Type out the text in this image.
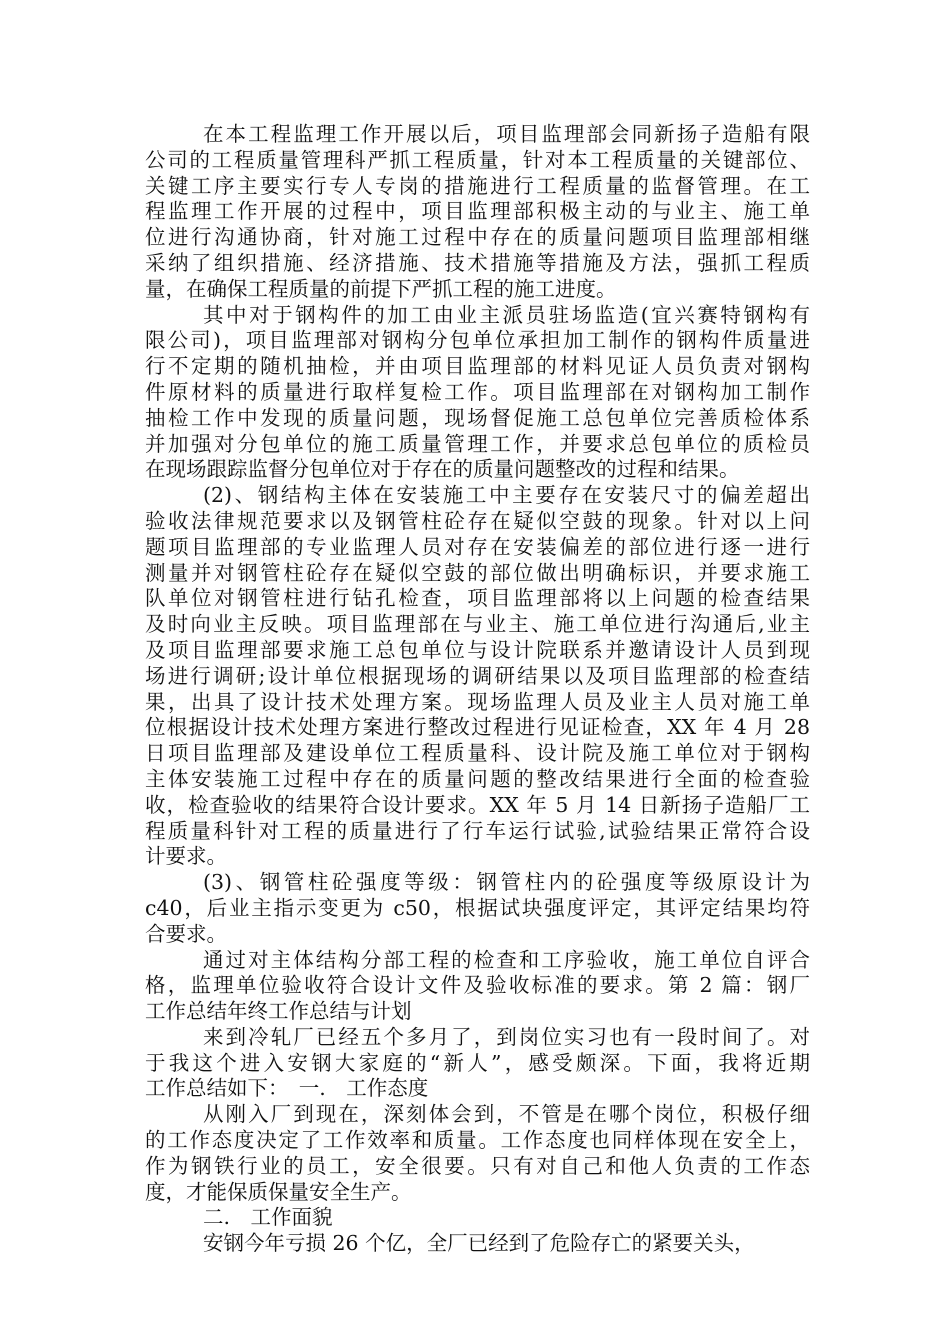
在本工程监理工作开展以后，项目监理部会同新扬子造船有限
公司的工程质量管理科严抓工程质量，针对本工程质量的关键部位、
关键工序主要实行专人专岗的措施进行工程质量的监督管理。在工
程监理工作开展的过程中，项目监理部积极主动的与业主、施工单
位进行沟通协商，针对施工过程中存在的质量问题项目监理部相继
采纳了组织措施、经济措施、技术措施等措施及方法，强抓工程质
量，在确保工程质量的前提下严抓工程的施工进度。
其中对于钢构件的加工由业主派员驻场监造(宜兴赛特钢构有
限公司)，项目监理部对钢构分包单位承担加工制作的钢构件质量进
行不定期的随机抽检，并由项目监理部的材料见证人员负责对钢构
件原材料的质量进行取样复检工作。项目监理部在对钢构加工制作
抽检工作中发现的质量问题，现场督促施工总包单位完善质检体系
并加强对分包单位的施工质量管理工作，并要求总包单位的质检员
在现场跟踪监督分包单位对于存在的质量问题整改的过程和结果。
(2)、钢结构主体在安装施工中主要存在安装尺寸的偏差超出
验收法律规范要求以及钢管柱砼存在疑似空鼓的现象。针对以上问
题项目监理部的专业监理人员对存在安装偏差的部位进行逐一进行
测量并对钢管柱砼存在疑似空鼓的部位做出明确标识，并要求施工
队单位对钢管柱进行钻孔检查，项目监理部将以上问题的检查结果
及时向业主反映。项目监理部在与业主、施工单位进行沟通后,业主
及项目监理部要求施工总包单位与设计院联系并邀请设计人员到现
场进行调研;设计单位根据现场的调研结果以及项目监理部的检查结
果，出具了设计技术处理方案。现场监理人员及业主人员对施工单
位根据设计技术处理方案进行整改过程进行见证检查，XX 年 4 月 28
日项目监理部及建设单位工程质量科、设计院及施工单位对于钢构
主体安装施工过程中存在的质量问题的整改结果进行全面的检查验
收，检查验收的结果符合设计要求。XX 年 5 月 14 日新扬子造船厂工
程质量科针对工程的质量进行了行车运行试验,试验结果正常符合设
计要求。
(3)、钢管柱砼强度等级：钢管柱内的砼强度等级原设计为
c40，后业主指示变更为 c50，根据试块强度评定，其评定结果均符
合要求。
通过对主体结构分部工程的检查和工序验收，施工单位自评合
格，监理单位验收符合设计文件及验收标准的要求。第 2 篇：钢厂
工作总结年终工作总结与计划
来到冷轧厂已经五个多月了，到岗位实习也有一段时间了。对
于我这个进入安钢大家庭的“新人”，感受颇深。下面，我将近期
工作总结如下：　一.　工作态度
从刚入厂到现在，深刻体会到，不管是在哪个岗位，积极仔细
的工作态度决定了工作效率和质量。工作态度也同样体现在安全上，
作为钢铁行业的员工，安全很要。只有对自己和他人负责的工作态
度，才能保质保量安全生产。
二.　工作面貌
安钢今年亏损 26 个亿，全厂已经到了危险存亡的紧要关头，
